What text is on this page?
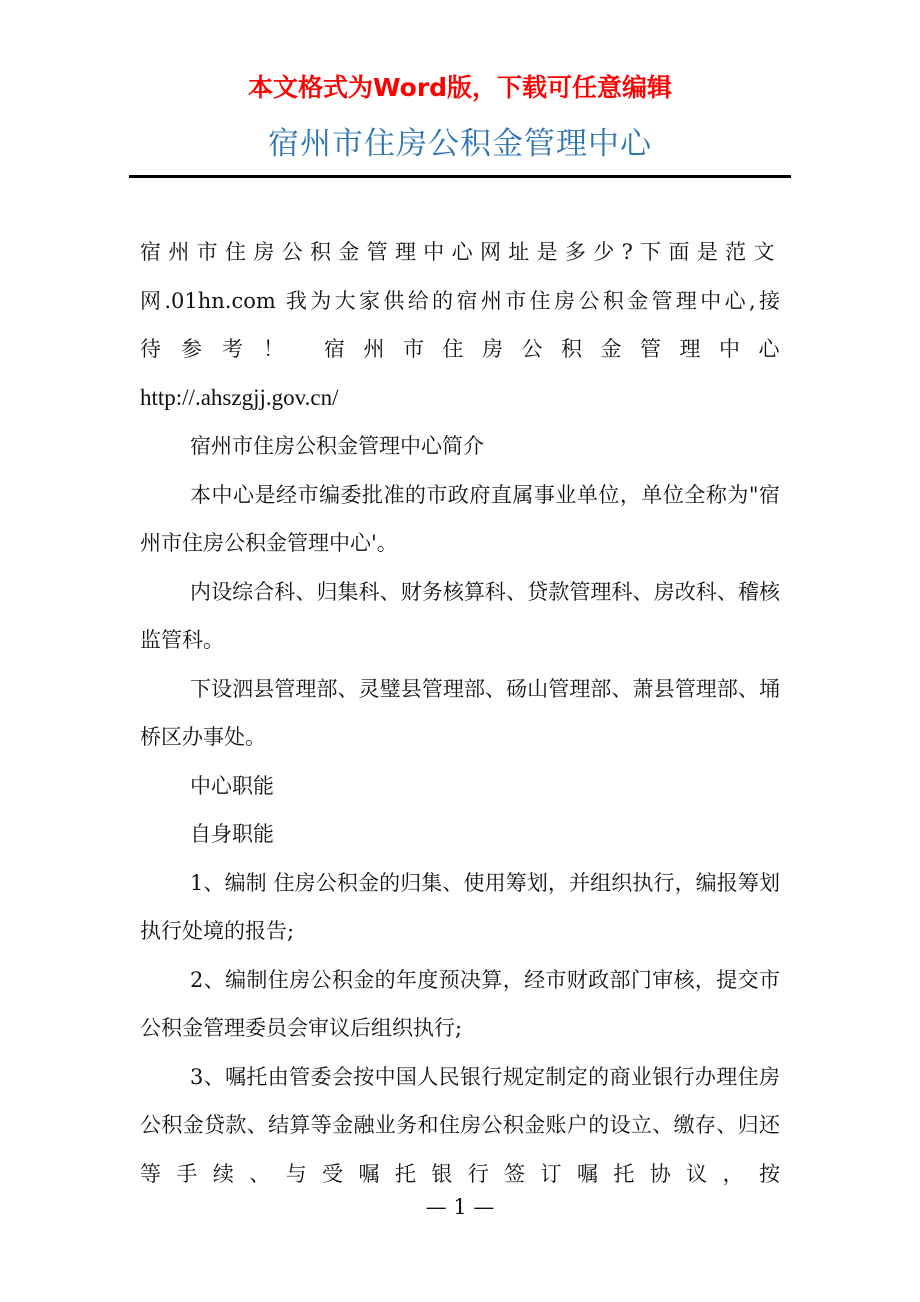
本文格式为Word版，下载可任意编辑
宿州市住房公积金管理中心

宿州市住房公积金管理中心网址是多少?下面是范文

网.01hn.com 我为大家供给的宿州市住房公积金管理中心,接

待参考！ 宿州市住房公积金管理中心

http://.ahszgjj.gov.cn/

宿州市住房公积金管理中心简介

本中心是经市编委批准的市政府直属事业单位，单位全称为"宿州市住房公积金管理中心'。

内设综合科、归集科、财务核算科、贷款管理科、房改科、稽核监管科。

下设泗县管理部、灵璧县管理部、砀山管理部、萧县管理部、埇桥区办事处。

中心职能

自身职能

1、编制 住房公积金的归集、使用筹划，并组织执行，编报筹划执行处境的报告;

2、编制住房公积金的年度预决算，经市财政部门审核，提交市公积金管理委员会审议后组织执行;

3、嘱托由管委会按中国人民银行规定制定的商业银行办理住房公积金贷款、结算等金融业务和住房公积金账户的设立、缴存、归还等手续、与受嘱托银行签订嘱托协议，按

— 1 —
